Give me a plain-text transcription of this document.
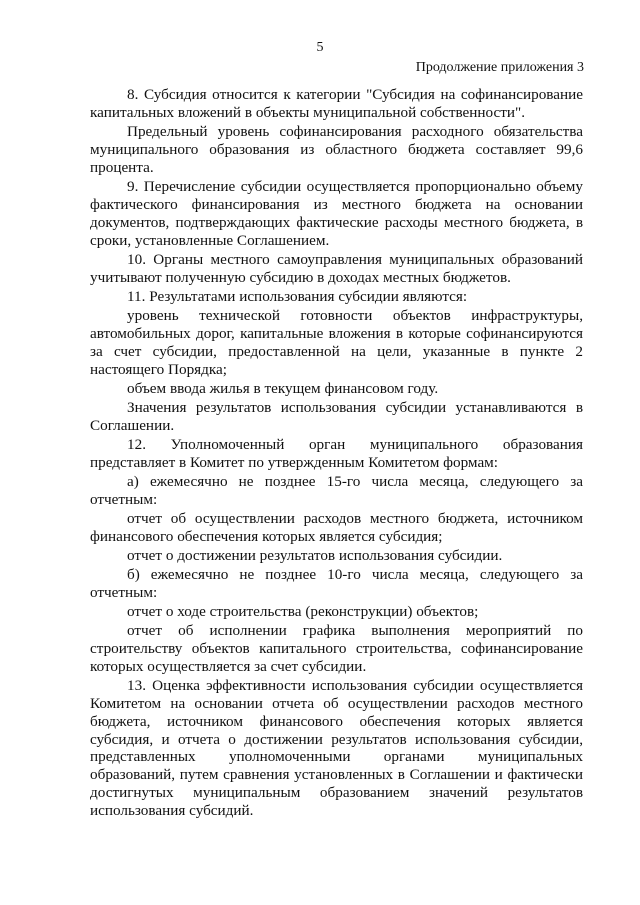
5
Продолжение приложения 3

8. Субсидия относится к категории "Субсидия на софинансирование капитальных вложений в объекты муниципальной собственности".

Предельный уровень софинансирования расходного обязательства муниципального образования из областного бюджета составляет 99,6 процента.

9. Перечисление субсидии осуществляется пропорционально объему фактического финансирования из местного бюджета на основании документов, подтверждающих фактические расходы местного бюджета, в сроки, установленные Соглашением.

10. Органы местного самоуправления муниципальных образований учитывают полученную субсидию в доходах местных бюджетов.

11. Результатами использования субсидии являются:

уровень технической готовности объектов инфраструктуры, автомобильных дорог, капитальные вложения в которые софинансируются за счет субсидии, предоставленной на цели, указанные в пункте 2 настоящего Порядка;

объем ввода жилья в текущем финансовом году.

Значения результатов использования субсидии устанавливаются в Соглашении.

12. Уполномоченный орган муниципального образования представляет в Комитет по утвержденным Комитетом формам:

а) ежемесячно не позднее 15-го числа месяца, следующего за отчетным:

отчет об осуществлении расходов местного бюджета, источником финансового обеспечения которых является субсидия;

отчет о достижении результатов использования субсидии.

б) ежемесячно не позднее 10-го числа месяца, следующего за отчетным:

отчет о ходе строительства (реконструкции) объектов;

отчет об исполнении графика выполнения мероприятий по строительству объектов капитального строительства, софинансирование которых осуществляется за счет субсидии.

13. Оценка эффективности использования субсидии осуществляется Комитетом на основании отчета об осуществлении расходов местного бюджета, источником финансового обеспечения которых является субсидия, и отчета о достижении результатов использования субсидии, представленных уполномоченными органами муниципальных образований, путем сравнения установленных в Соглашении и фактически достигнутых муниципальным образованием значений результатов использования субсидий.
